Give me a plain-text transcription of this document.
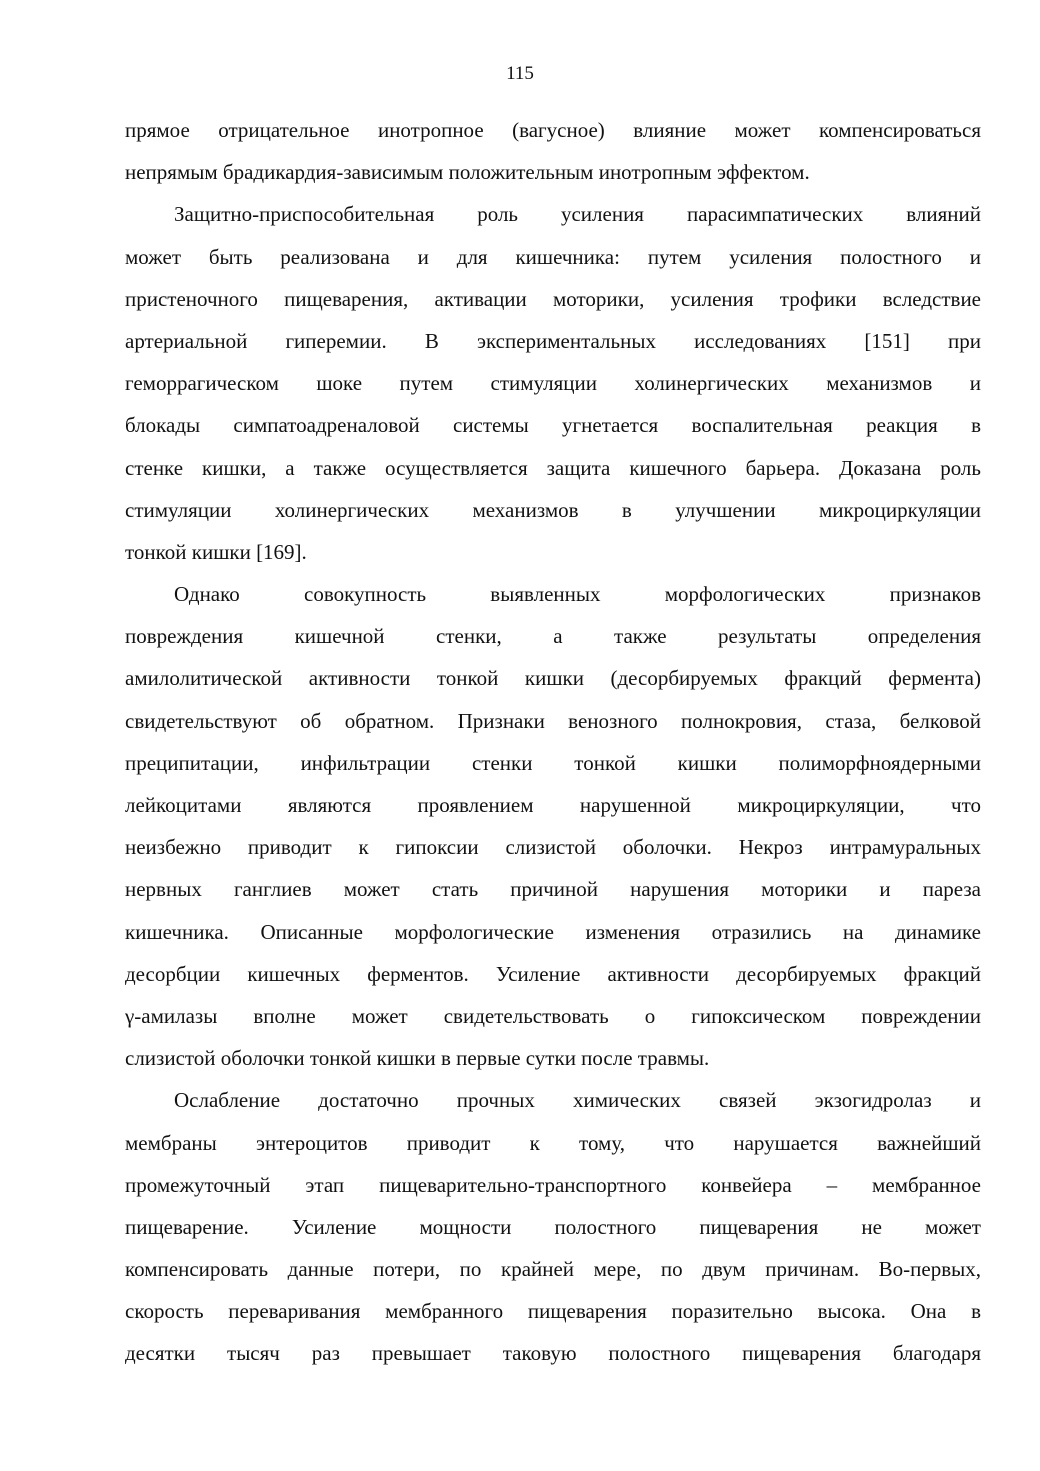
115
прямое отрицательное инотропное (вагусное) влияние может компенсироваться
непрямым брадикардия-зависимым положительным инотропным эффектом.
Защитно-приспособительная роль усиления парасимпатических влияний
может быть реализована и для кишечника: путем усиления полостного и
пристеночного пищеварения, активации моторики, усиления трофики вследствие
артериальной гиперемии. В экспериментальных исследованиях [151] при
геморрагическом шоке путем стимуляции холинергических механизмов и
блокады симпатоадреналовой системы угнетается воспалительная реакция в
стенке кишки, а также осуществляется защита кишечного барьера. Доказана роль
стимуляции холинергических механизмов в улучшении микроциркуляции
тонкой кишки [169].
Однако совокупность выявленных морфологических признаков
повреждения кишечной стенки, а также результаты определения
амилолитической активности тонкой кишки (десорбируемых фракций фермента)
свидетельствуют об обратном. Признаки венозного полнокровия, стаза, белковой
преципитации, инфильтрации стенки тонкой кишки полиморфноядерными
лейкоцитами являются проявлением нарушенной микроциркуляции, что
неизбежно приводит к гипоксии слизистой оболочки. Некроз интрамуральных
нервных ганглиев может стать причиной нарушения моторики и пареза
кишечника. Описанные морфологические изменения отразились на динамике
десорбции кишечных ферментов. Усиление активности десорбируемых фракций
γ-амилазы вполне может свидетельствовать о гипоксическом повреждении
слизистой оболочки тонкой кишки в первые сутки после травмы.
Ослабление достаточно прочных химических связей экзогидролаз и
мембраны энтероцитов приводит к тому, что нарушается важнейший
промежуточный этап пищеварительно-транспортного конвейера – мембранное
пищеварение. Усиление мощности полостного пищеварения не может
компенсировать данные потери, по крайней мере, по двум причинам. Во-первых,
скорость переваривания мембранного пищеварения поразительно высока. Она в
десятки тысяч раз превышает таковую полостного пищеварения благодаря
